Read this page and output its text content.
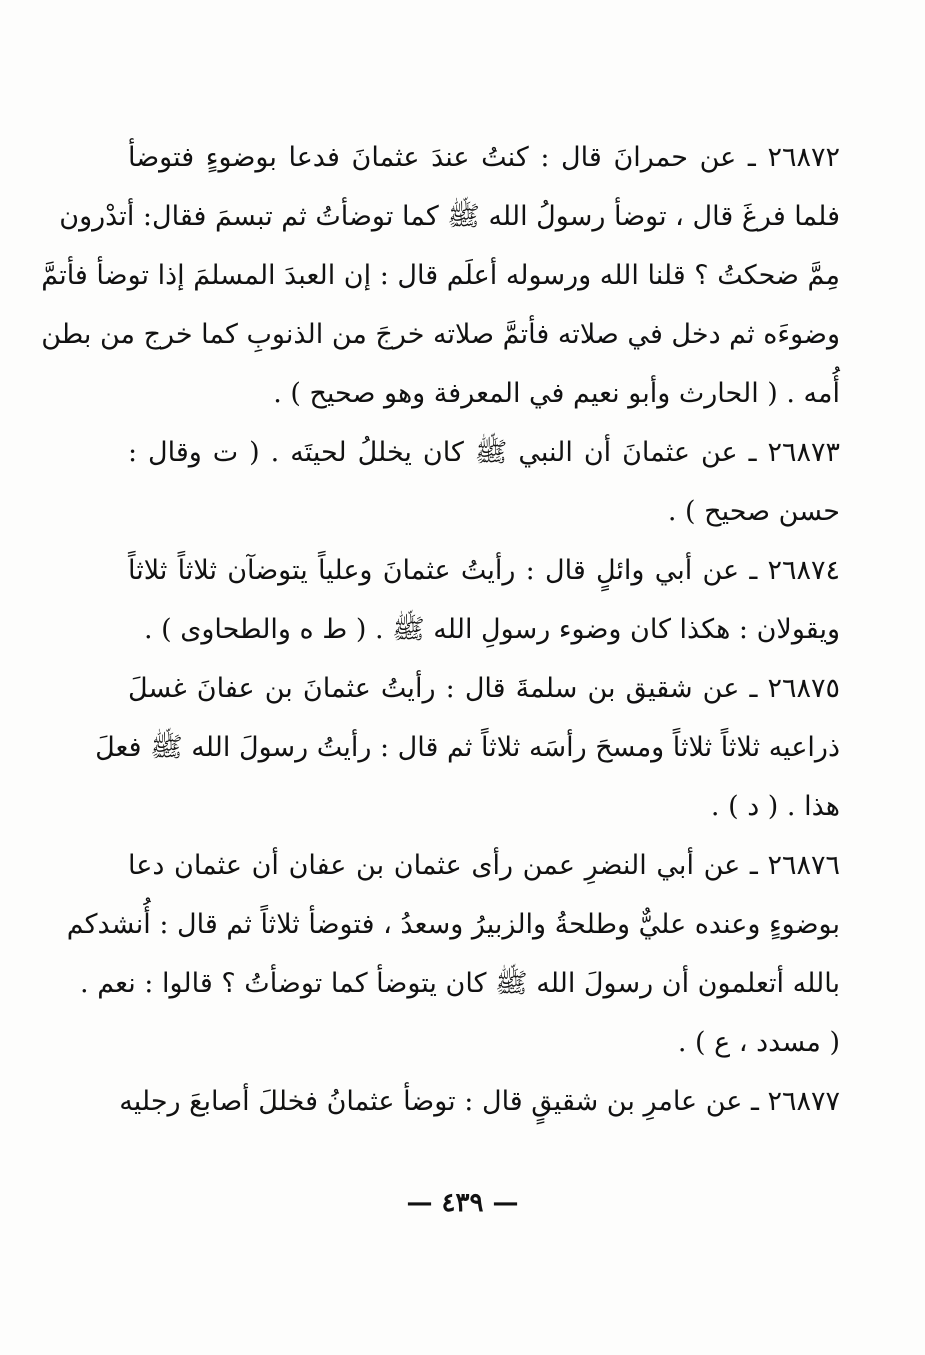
٢٦٨٧٢ ـ عن حمرانَ قال : كنتُ عندَ عثمانَ فدعا بوضوءٍ فتوضأ
فلما فرغَ قال ، توضأ رسولُ الله ﷺ كما توضأتُ ثم تبسمَ فقال: أتدْرون
مِمَّ ضحكتُ ؟ قلنا الله ورسوله أعلَم قال : إن العبدَ المسلمَ إذا توضأ فأتمَّ
وضوءَه ثم دخل في صلاته فأتمَّ صلاته خرجَ من الذنوبِ كما خرج من بطن
أُمه . ( الحارث وأبو نعيم في المعرفة وهو صحيح ) .
٢٦٨٧٣ ـ عن عثمانَ أن النبي ﷺ كان يخللُ لحيتَه . ( ت وقال :
حسن صحيح ) .
٢٦٨٧٤ ـ عن أبي وائلٍ قال : رأيتُ عثمانَ وعلياً يتوضآن ثلاثاً ثلاثاً
ويقولان : هكذا كان وضوء رسولِ الله ﷺ . ( ط ه والطحاوى ) .
٢٦٨٧٥ ـ عن شقيق بن سلمةَ قال : رأيتُ عثمانَ بن عفانَ غسلَ
ذراعيه ثلاثاً ثلاثاً ومسحَ رأسَه ثلاثاً ثم قال : رأيتُ رسولَ الله ﷺ فعلَ
هذا . ( د ) .
٢٦٨٧٦ ـ عن أبي النضرِ عمن رأى عثمان بن عفان أن عثمان دعا
بوضوءٍ وعنده عليٌّ وطلحةُ والزبيرُ وسعدُ ، فتوضأ ثلاثاً ثم قال : أُنشدكم
بالله أتعلمون أن رسولَ الله ﷺ كان يتوضأ كما توضأتُ ؟ قالوا : نعم .
( مسدد ، ع ) .
٢٦٨٧٧ ـ عن عامرِ بن شقيقٍ قال : توضأ عثمانُ فخللَ أصابعَ رجليه
— ٤٣٩ —
